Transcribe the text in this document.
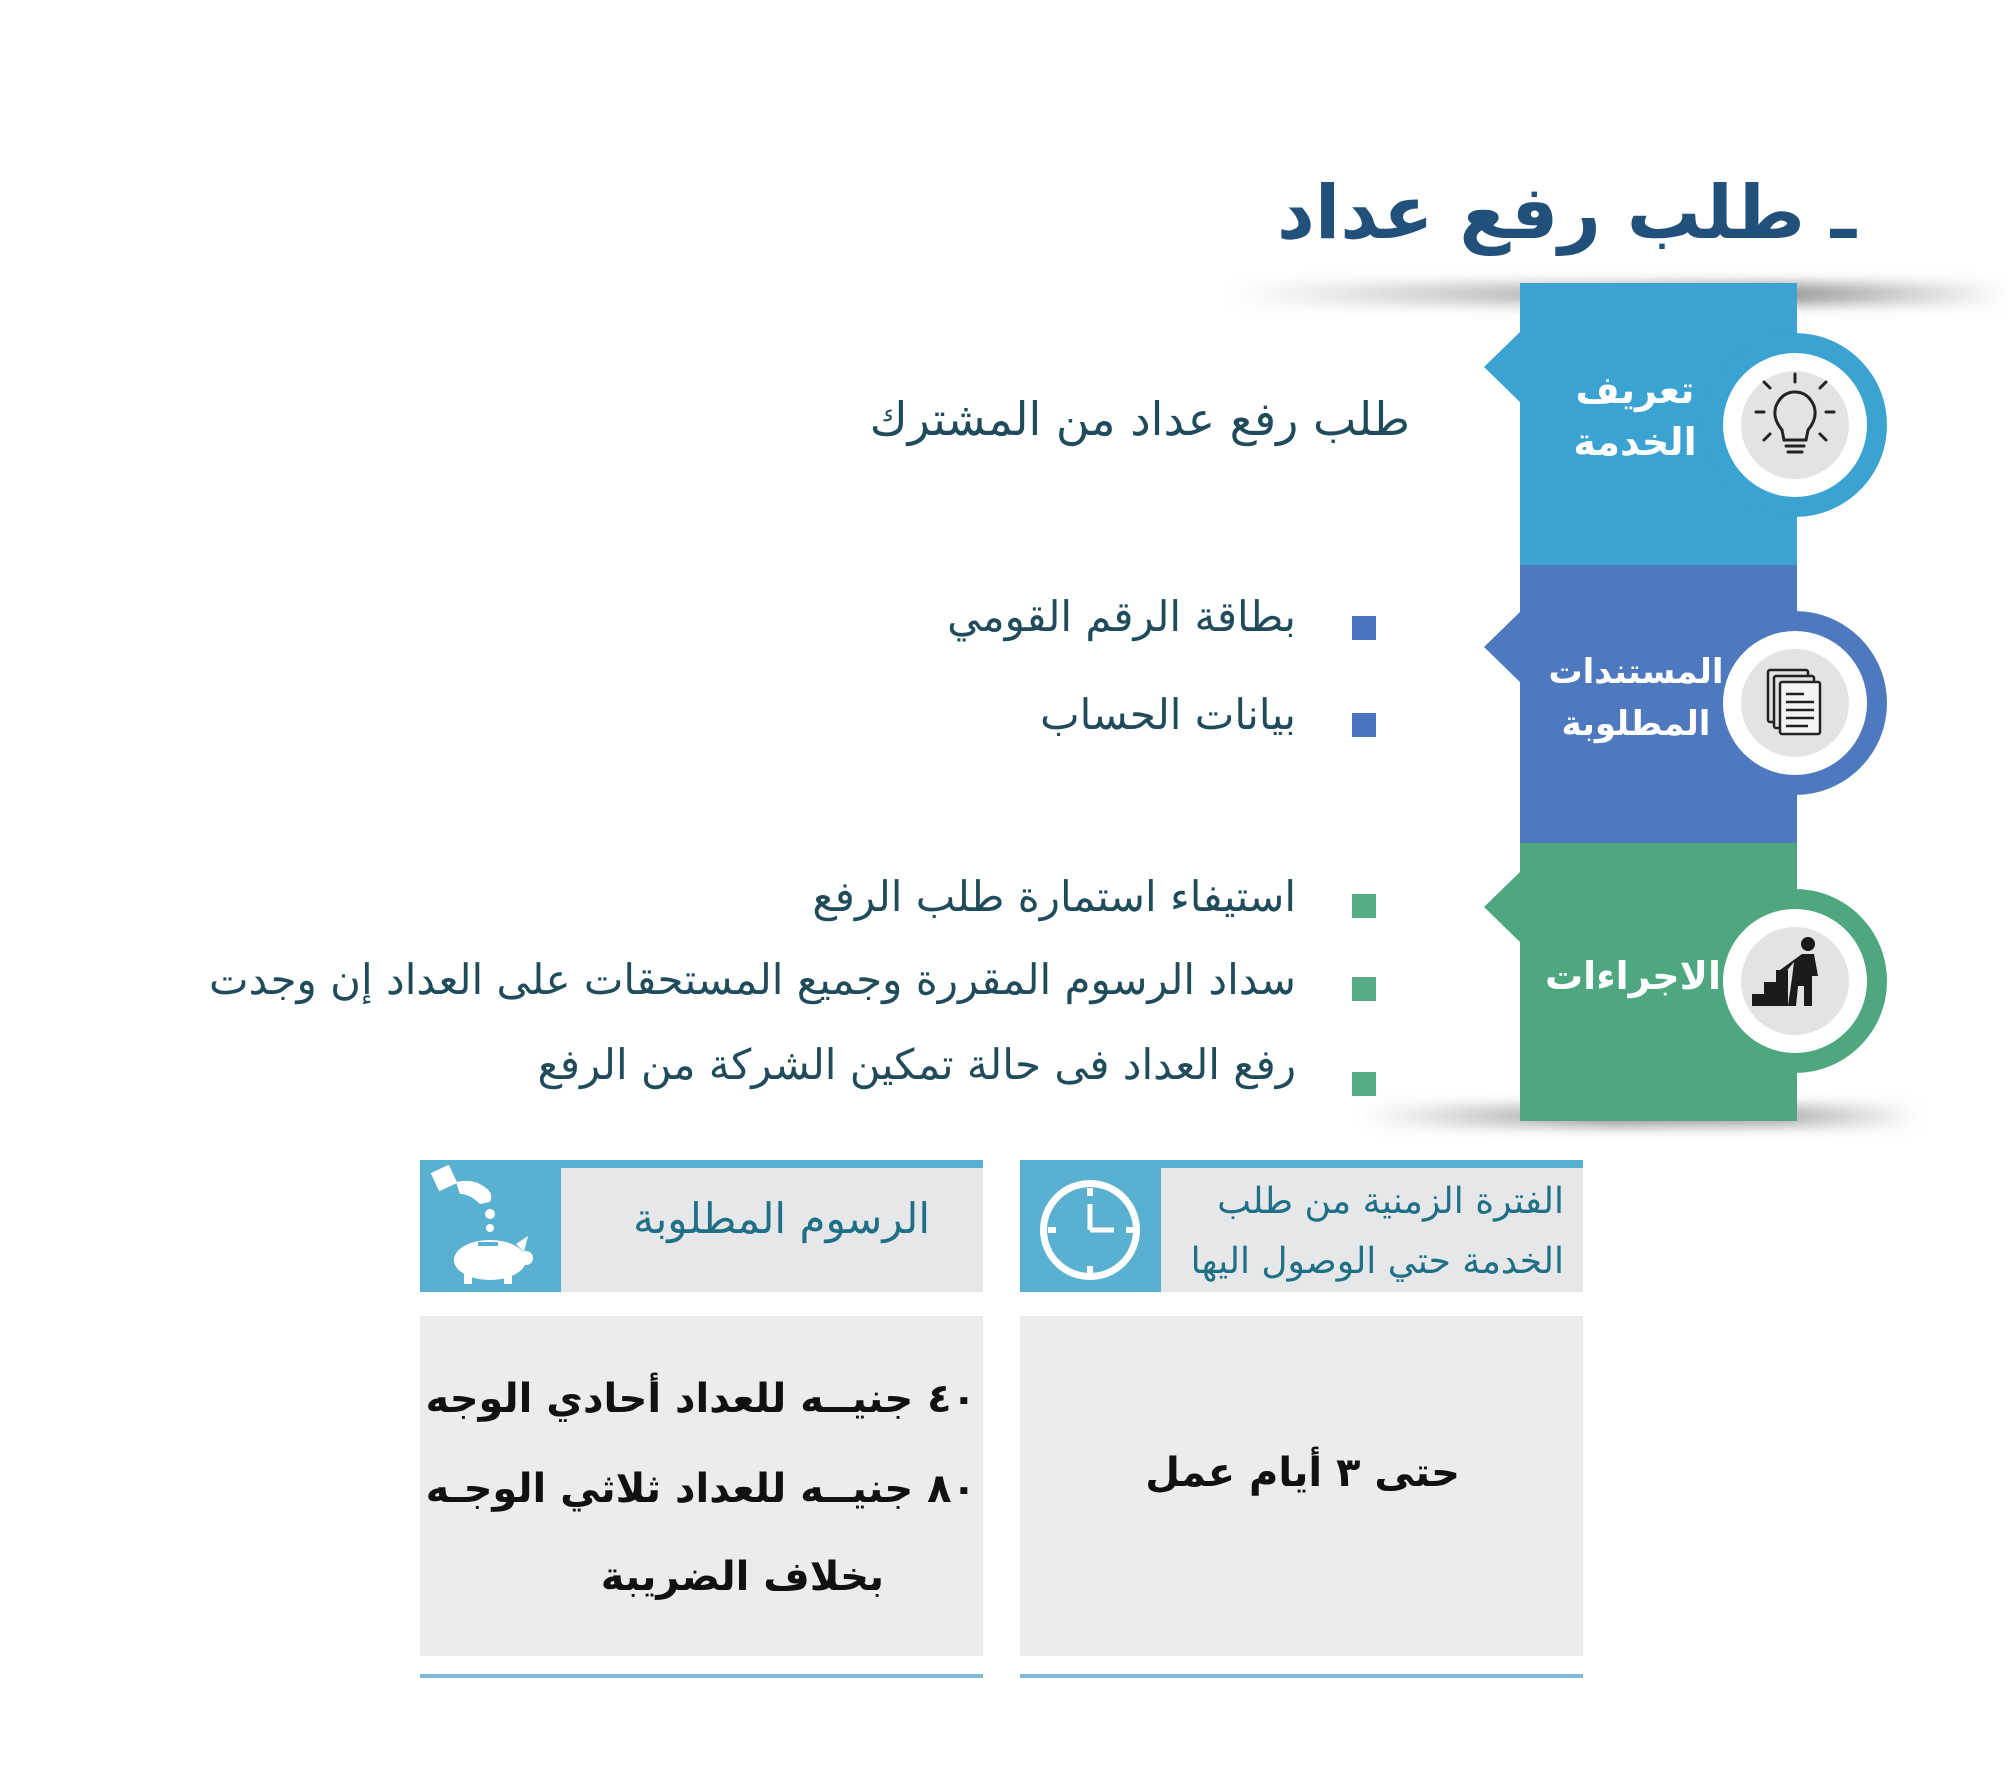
ـ طلب رفع عداد
تعريف
الخدمة
المستندات
المطلوبة
الاجراءات
طلب رفع عداد من المشترك
بطاقة الرقم القومي
بيانات الحساب
استيفاء استمارة طلب الرفع
سداد الرسوم المقررة وجميع المستحقات على العداد إن وجدت
رفع العداد فى حالة تمكين الشركة من الرفع
الرسوم المطلوبة
٤٠ جنيــه للعداد أحادي الوجه
٨٠ جنيــه للعداد ثلاثي الوجـه
بخلاف الضريبة
الفترة الزمنية من طلب
الخدمة حتي الوصول اليها
حتى ٣ أيام عمل
